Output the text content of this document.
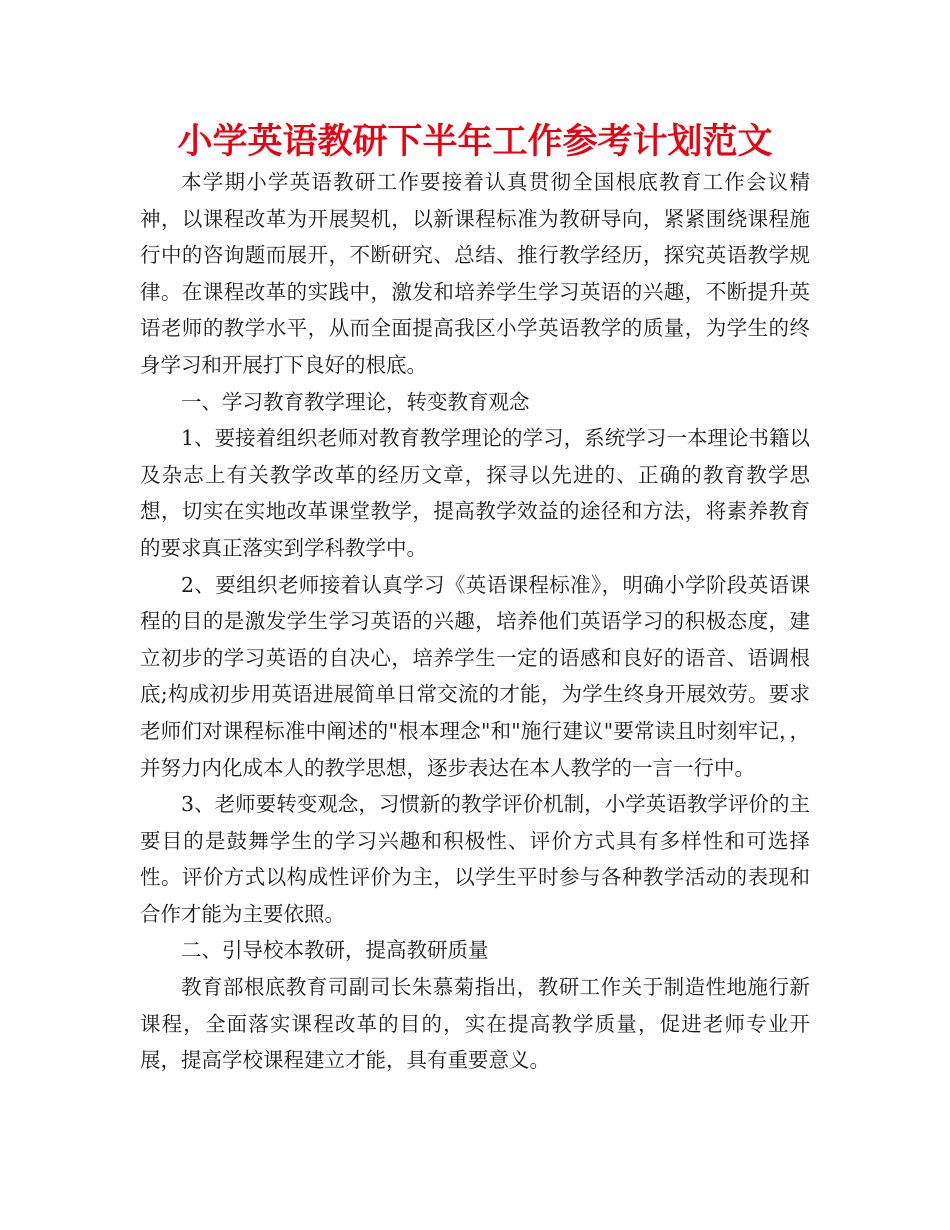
小学英语教研下半年工作参考计划范文

本学期小学英语教研工作要接着认真贯彻全国根底教育工作会议精神，以课程改革为开展契机，以新课程标准为教研导向，紧紧围绕课程施行中的咨询题而展开，不断研究、总结、推行教学经历，探究英语教学规律。在课程改革的实践中，激发和培养学生学习英语的兴趣，不断提升英语老师的教学水平，从而全面提高我区小学英语教学的质量，为学生的终身学习和开展打下良好的根底。

一、学习教育教学理论，转变教育观念

1、要接着组织老师对教育教学理论的学习，系统学习一本理论书籍以及杂志上有关教学改革的经历文章，探寻以先进的、正确的教育教学思想，切实在实地改革课堂教学，提高教学效益的途径和方法，将素养教育的要求真正落实到学科教学中。

2、要组织老师接着认真学习《英语课程标准》，明确小学阶段英语课程的目的是激发学生学习英语的兴趣，培养他们英语学习的积极态度，建立初步的学习英语的自决心，培养学生一定的语感和良好的语音、语调根底;构成初步用英语进展简单日常交流的才能，为学生终身开展效劳。要求老师们对课程标准中阐述的"根本理念"和"施行建议"要常读且时刻牢记，，并努力内化成本人的教学思想，逐步表达在本人教学的一言一行中。

3、老师要转变观念，习惯新的教学评价机制，小学英语教学评价的主要目的是鼓舞学生的学习兴趣和积极性、评价方式具有多样性和可选择性。评价方式以构成性评价为主，以学生平时参与各种教学活动的表现和合作才能为主要依照。

二、引导校本教研，提高教研质量

教育部根底教育司副司长朱慕菊指出，教研工作关于制造性地施行新课程，全面落实课程改革的目的，实在提高教学质量，促进老师专业开展，提高学校课程建立才能，具有重要意义。
